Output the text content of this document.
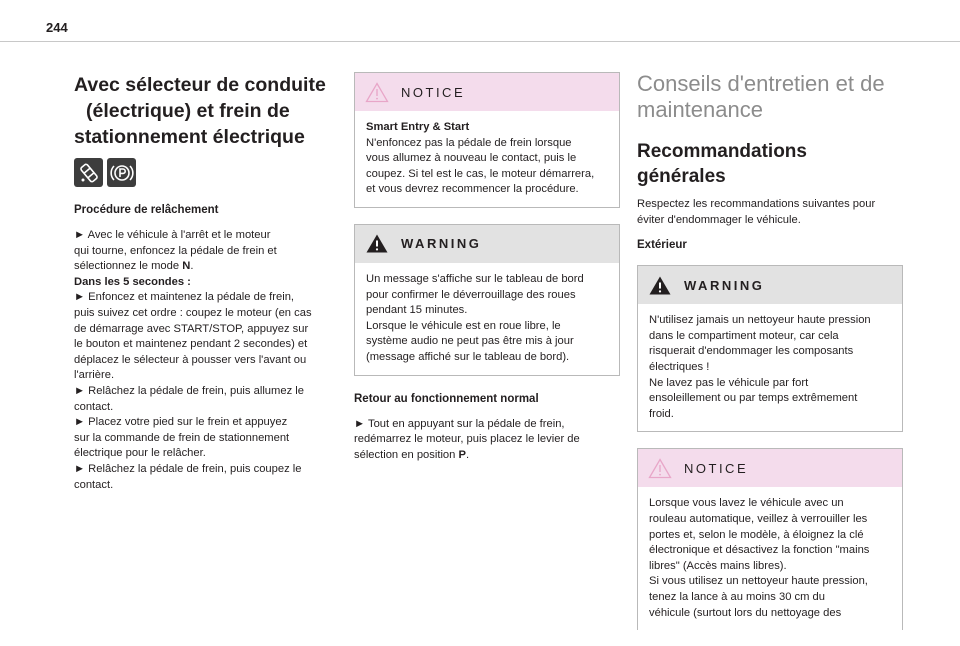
244
Avec sélecteur de conduite
(électrique) et frein de
stationnement électrique
Procédure de relâchement

► Avec le véhicule à l'arrêt et le moteur
qui tourne, enfoncez la pédale de frein et
sélectionnez le mode N.
Dans les 5 secondes :
► Enfoncez et maintenez la pédale de frein,
puis suivez cet ordre : coupez le moteur (en cas
de démarrage avec START/STOP, appuyez sur
le bouton et maintenez pendant 2 secondes) et
déplacez le sélecteur à pousser vers l'avant ou
l'arrière.
► Relâchez la pédale de frein, puis allumez le
contact.
► Placez votre pied sur le frein et appuyez
sur la commande de frein de stationnement
électrique pour le relâcher.
► Relâchez la pédale de frein, puis coupez le
contact.

NOTICE
Smart Entry & Start
N'enfoncez pas la pédale de frein lorsque
vous allumez à nouveau le contact, puis le
coupez. Si tel est le cas, le moteur démarrera,
et vous devrez recommencer la procédure.
WARNING
Un message s'affiche sur le tableau de bord
pour confirmer le déverrouillage des roues
pendant 15 minutes.
Lorsque le véhicule est en roue libre, le
système audio ne peut pas être mis à jour
(message affiché sur le tableau de bord).
Retour au fonctionnement normal

► Tout en appuyant sur la pédale de frein,
redémarrez le moteur, puis placez le levier de
sélection en position P.

Conseils d'entretien et de
maintenance
Recommandations
générales

Respectez les recommandations suivantes pour
éviter d'endommager le véhicule.

Extérieur
WARNING
N'utilisez jamais un nettoyeur haute pression
dans le compartiment moteur, car cela
risquerait d'endommager les composants
électriques !
Ne lavez pas le véhicule par fort
ensoleillement ou par temps extrêmement
froid.
NOTICE
Lorsque vous lavez le véhicule avec un
rouleau automatique, veillez à verrouiller les
portes et, selon le modèle, à éloignez la clé
électronique et désactivez la fonction "mains
libres" (Accès mains libres).
Si vous utilisez un nettoyeur haute pression,
tenez la lance à au moins 30 cm du
véhicule (surtout lors du nettoyage des
